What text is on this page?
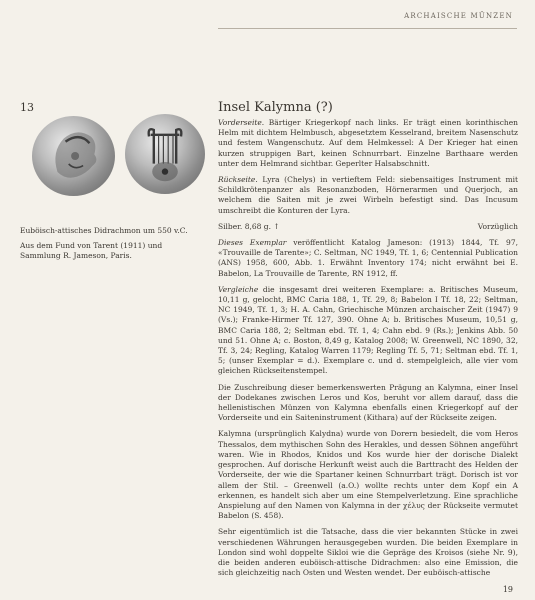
ARCHAISCHE MÜNZEN
13

Euböisch-attisches Didrachmon um 550 v.C.

Aus dem Fund von Tarent (1911) und Sammlung R. Jameson, Paris.

Insel Kalymna (?)

Vorderseite. Bärtiger Kriegerkopf nach links. Er trägt einen korinthischen Helm mit dichtem Helmbusch, abgesetztem Kesselrand, breitem Nasenschutz und festem Wangenschutz. Auf dem Helmkessel: A Der Krieger hat einen kurzen struppigen Bart, keinen Schnurrbart. Einzelne Barthaare werden unter dem Helmrand sichtbar. Geperlter Halsabschnitt.

Rückseite. Lyra (Chelys) in vertieftem Feld: siebensaitiges Instrument mit Schildkrötenpanzer als Resonanzboden, Hörnerarmen und Querjoch, an welchem die Saiten mit je zwei Wirbeln befestigt sind. Das Incusum umschreibt die Konturen der Lyra.

Silber. 8,68 g. ↑	Vorzüglich

Dieses Exemplar veröffentlicht Katalog Jameson: (1913) 1844, Tf. 97, «Trouvaille de Tarente»; C. Seltman, NC 1949, Tf. 1, 6; Centennial Publication (ANS) 1958, 600, Abb. 1. Erwähnt Inventory 174; nicht erwähnt bei E. Babelon, La Trouvaille de Tarente, RN 1912, ff.

Vergleiche die insgesamt drei weiteren Exemplare: a. Britisches Museum, 10,11 g, gelocht, BMC Caria 188, 1, Tf. 29, 8; Babelon I Tf. 18, 22; Seltman, NC 1949, Tf. 1, 3; H. A. Cahn, Griechische Münzen archaischer Zeit (1947) 9 (Vs.); Franke-Hirmer Tf. 127, 390. Ohne A; b. Britisches Museum, 10,51 g, BMC Caria 188, 2; Seltman ebd. Tf. 1, 4; Cahn ebd. 9 (Rs.); Jenkins Abb. 50 und 51. Ohne A; c. Boston, 8,49 g, Katalog 2008; W. Greenwell, NC 1890, 32, Tf. 3, 24; Regling, Katalog Warren 1179; Regling Tf. 5, 71; Seltman ebd. Tf. 1, 5; (unser Exemplar = d.). Exemplare c. und d. stempelgleich, alle vier vom gleichen Rückseitenstempel.

Die Zuschreibung dieser bemerkenswerten Prägung an Kalymna, einer Insel der Dodekanes zwischen Leros und Kos, beruht vor allem darauf, dass die hellenistischen Münzen von Kalymna ebenfalls einen Kriegerkopf auf der Vorderseite und ein Saiteninstrument (Kithara) auf der Rückseite zeigen.

Kalymna (ursprünglich Kalydna) wurde von Dorern besiedelt, die vom Heros Thessalos, dem mythischen Sohn des Herakles, und dessen Söhnen angeführt waren. Wie in Rhodos, Knidos und Kos wurde hier der dorische Dialekt gesprochen. Auf dorische Herkunft weist auch die Barttracht des Helden der Vorderseite, der wie die Spartaner keinen Schnurrbart trägt. Dorisch ist vor allem der Stil. – Greenwell (a.O.) wollte rechts unter dem Kopf ein A erkennen, es handelt sich aber um eine Stempelverletzung. Eine sprachliche Anspielung auf den Namen von Kalymna in der χέλυς der Rückseite vermutet Babelon (S. 458).

Sehr eigentümlich ist die Tatsache, dass die vier bekannten Stücke in zwei verschiedenen Währungen herausgegeben wurden. Die beiden Exemplare in London sind wohl doppelte Sikloi wie die Gepräge des Kroisos (siehe Nr. 9), die beiden anderen euböisch-attische Didrachmen: also eine Emission, die sich gleichzeitig nach Osten und Westen wendet. Der euböisch-attische

19
